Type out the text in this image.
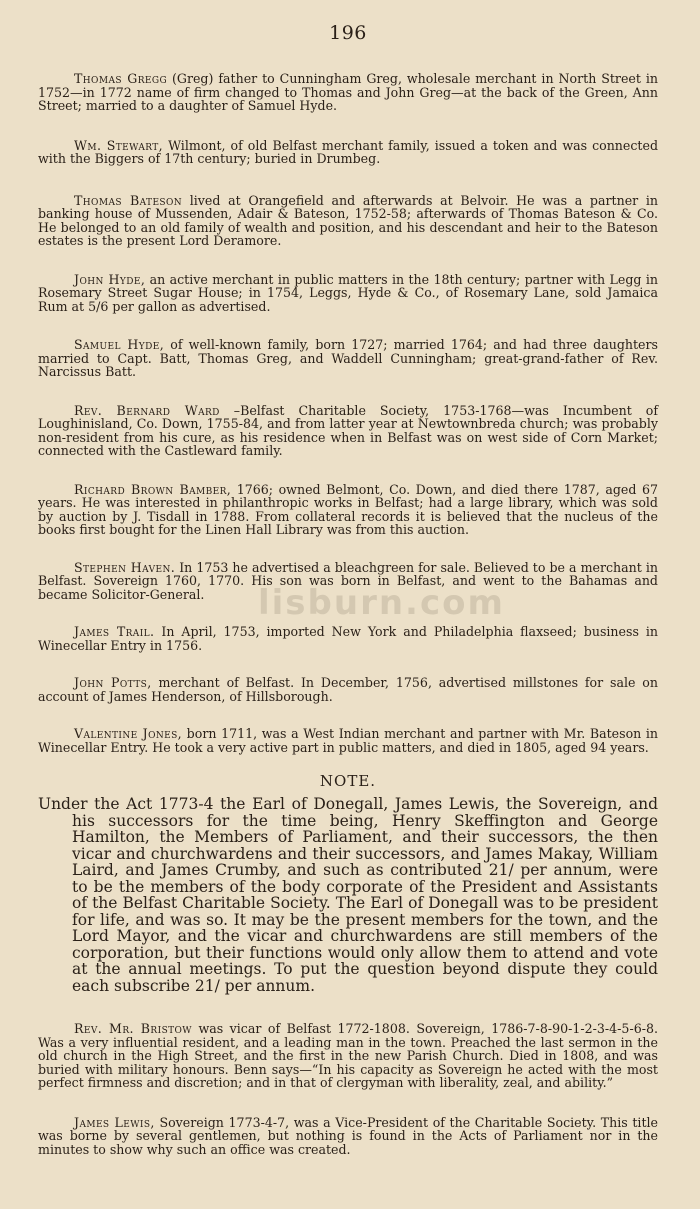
196

Thomas Gregg (Greg) father to Cunningham Greg, wholesale merchant in North Street in 1752—in 1772 name of firm changed to Thomas and John Greg—at the back of the Green, Ann Street; married to a daughter of Samuel Hyde.

Wm. Stewart, Wilmont, of old Belfast merchant family, issued a token and was connected with the Biggers of 17th century; buried in Drumbeg.

Thomas Bateson lived at Orangefield and afterwards at Belvoir. He was a partner in banking house of Mussenden, Adair & Bateson, 1752-58; afterwards of Thomas Bateson & Co. He belonged to an old family of wealth and position, and his descendant and heir to the Bateson estates is the present Lord Deramore.

John Hyde, an active merchant in public matters in the 18th century; partner with Legg in Rosemary Street Sugar House; in 1754, Leggs, Hyde & Co., of Rosemary Lane, sold Jamaica Rum at 5/6 per gallon as advertised.

Samuel Hyde, of well-known family, born 1727; married 1764; and had three daughters married to Capt. Batt, Thomas Greg, and Waddell Cunningham; great-grand-father of Rev. Narcissus Batt.

Rev. Bernard Ward –Belfast Charitable Society, 1753-1768—was Incumbent of Loughinisland, Co. Down, 1755-84, and from latter year at Newtownbreda church; was probably non-resident from his cure, as his residence when in Belfast was on west side of Corn Market; connected with the Castleward family.

Richard Brown Bamber, 1766; owned Belmont, Co. Down, and died there 1787, aged 67 years. He was interested in philanthropic works in Belfast; had a large library, which was sold by auction by J. Tisdall in 1788. From collateral records it is believed that the nucleus of the books first bought for the Linen Hall Library was from this auction.

Stephen Haven. In 1753 he advertised a bleachgreen for sale. Believed to be a merchant in Belfast. Sovereign 1760, 1770. His son was born in Belfast, and went to the Bahamas and became Solicitor-General.

James Trail. In April, 1753, imported New York and Philadelphia flaxseed; business in Winecellar Entry in 1756.

John Potts, merchant of Belfast. In December, 1756, advertised millstones for sale on account of James Henderson, of Hillsborough.

Valentine Jones, born 1711, was a West Indian merchant and partner with Mr. Bateson in Winecellar Entry. He took a very active part in public matters, and died in 1805, aged 94 years.

NOTE.

Under the Act 1773-4 the Earl of Donegall, James Lewis, the Sovereign, and his successors for the time being, Henry Skeffington and George Hamilton, the Members of Parliament, and their successors, the then vicar and churchwardens and their successors, and James Makay, William Laird, and James Crumby, and such as contributed 21/ per annum, were to be the members of the body corporate of the President and Assistants of the Belfast Charitable Society. The Earl of Donegall was to be president for life, and was so. It may be the present members for the town, and the Lord Mayor, and the vicar and churchwardens are still members of the corporation, but their functions would only allow them to attend and vote at the annual meetings. To put the question beyond dispute they could each subscribe 21/ per annum.

Rev. Mr. Bristow was vicar of Belfast 1772-1808. Sovereign, 1786-7-8-90-1-2-3-4-5-6-8. Was a very influential resident, and a leading man in the town. Preached the last sermon in the old church in the High Street, and the first in the new Parish Church. Died in 1808, and was buried with military honours. Benn says—“In his capacity as Sovereign he acted with the most perfect firmness and discretion; and in that of clergyman with liberality, zeal, and ability.”

James Lewis, Sovereign 1773-4-7, was a Vice-President of the Charitable Society. This title was borne by several gentlemen, but nothing is found in the Acts of Parliament nor in the minutes to show why such an office was created.

lisburn.com
